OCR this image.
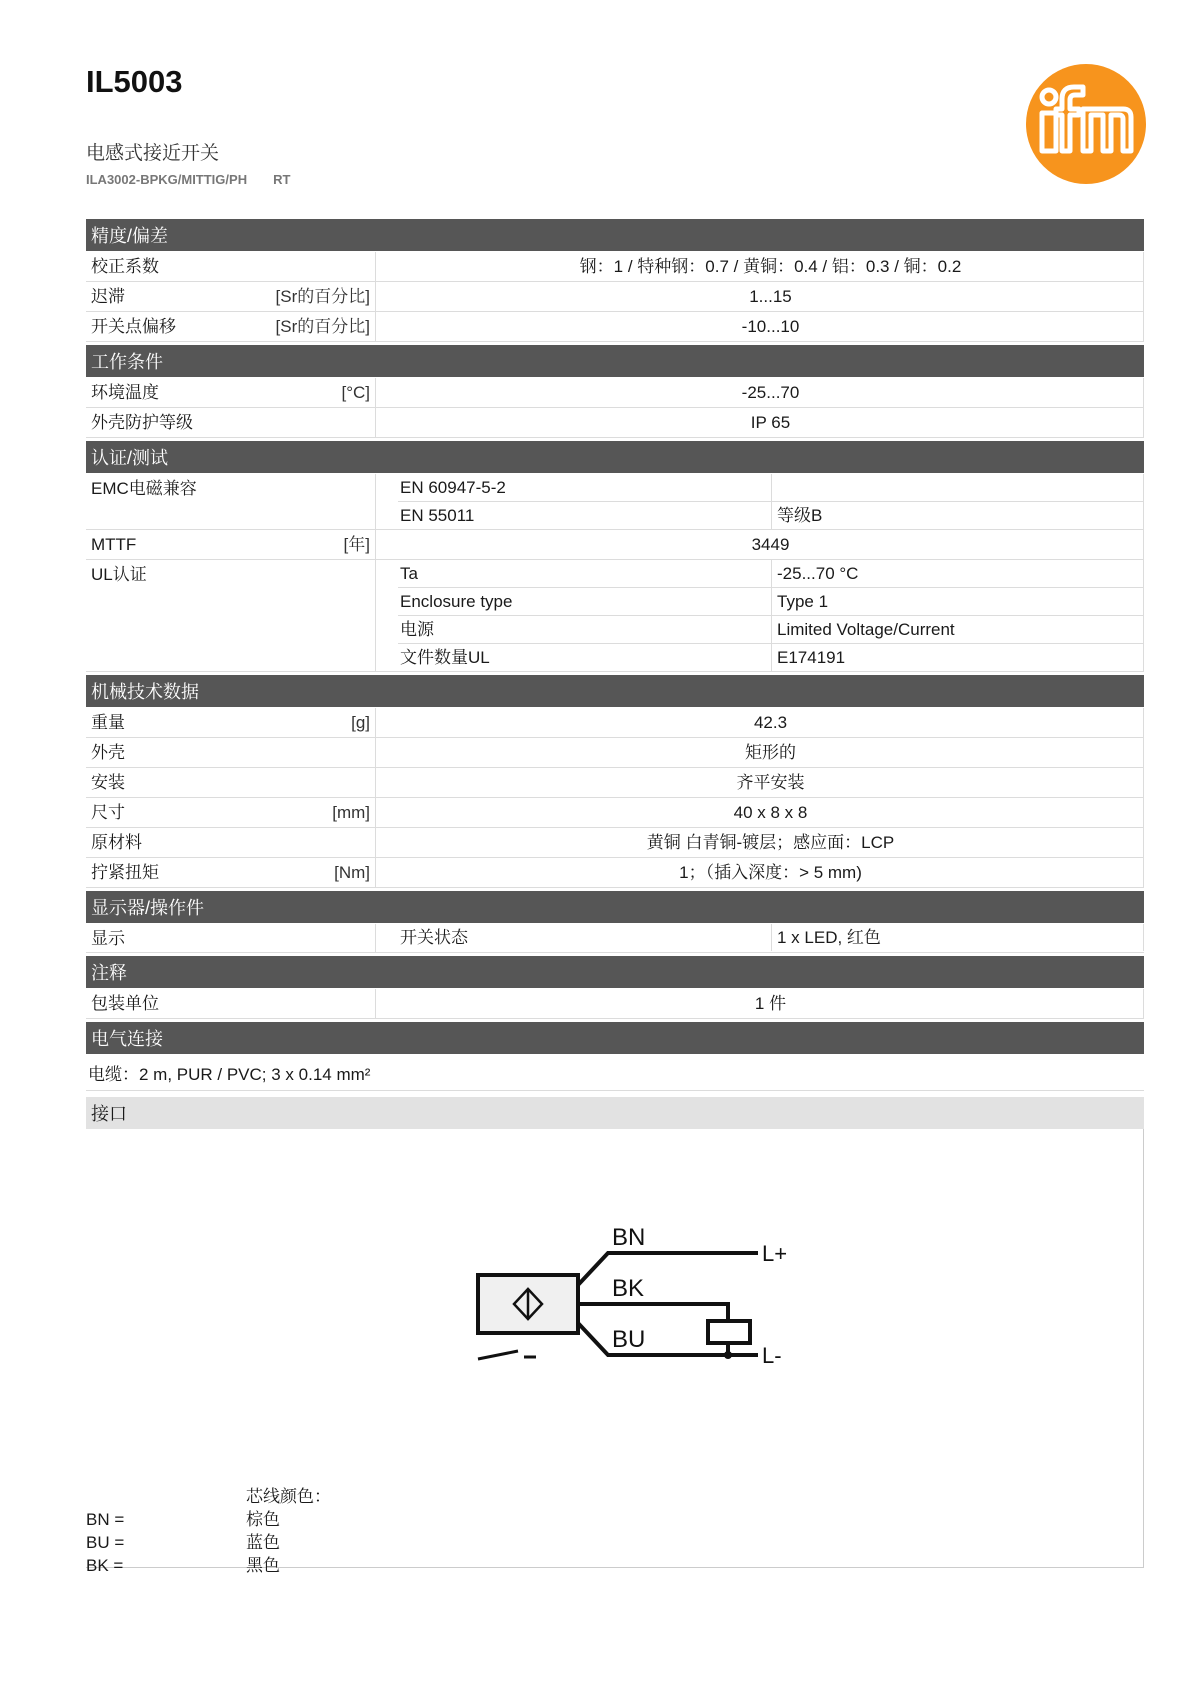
IL5003
电感式接近开关
ILA3002-BPKG/MITTIG/PH RT
精度/偏差
校正系数	钢：1 / 特种钢：0.7 / 黄铜：0.4 / 铝：0.3 / 铜：0.2
迟滞	[Sr的百分比]	1...15
开关点偏移	[Sr的百分比]	-10...10
工作条件
环境温度	[°C]	-25...70
外壳防护等级	IP 65
认证/测试
EMC电磁兼容	EN 60947-5-2
EN 55011	等级B
MTTF	[年]	3449
UL认证	Ta	-25...70 °C
Enclosure type	Type 1
电源	Limited Voltage/Current
文件数量UL	E174191
机械技术数据
重量	[g]	42.3
外壳	矩形的
安装	齐平安装
尺寸	[mm]	40 x 8 x 8
原材料	黄铜 白青铜-镀层；感应面：LCP
拧紧扭矩	[Nm]	1；（插入深度：> 5 mm)
显示器/操作件
显示	开关状态	1 x LED, 红色
注释
包装单位	1 件
电气连接
电缆：2 m, PUR / PVC; 3 x 0.14 mm²
接口
BN
BK
BU
L+
L-
芯线颜色：
BN =	棕色
BU =	蓝色
BK =	黑色
